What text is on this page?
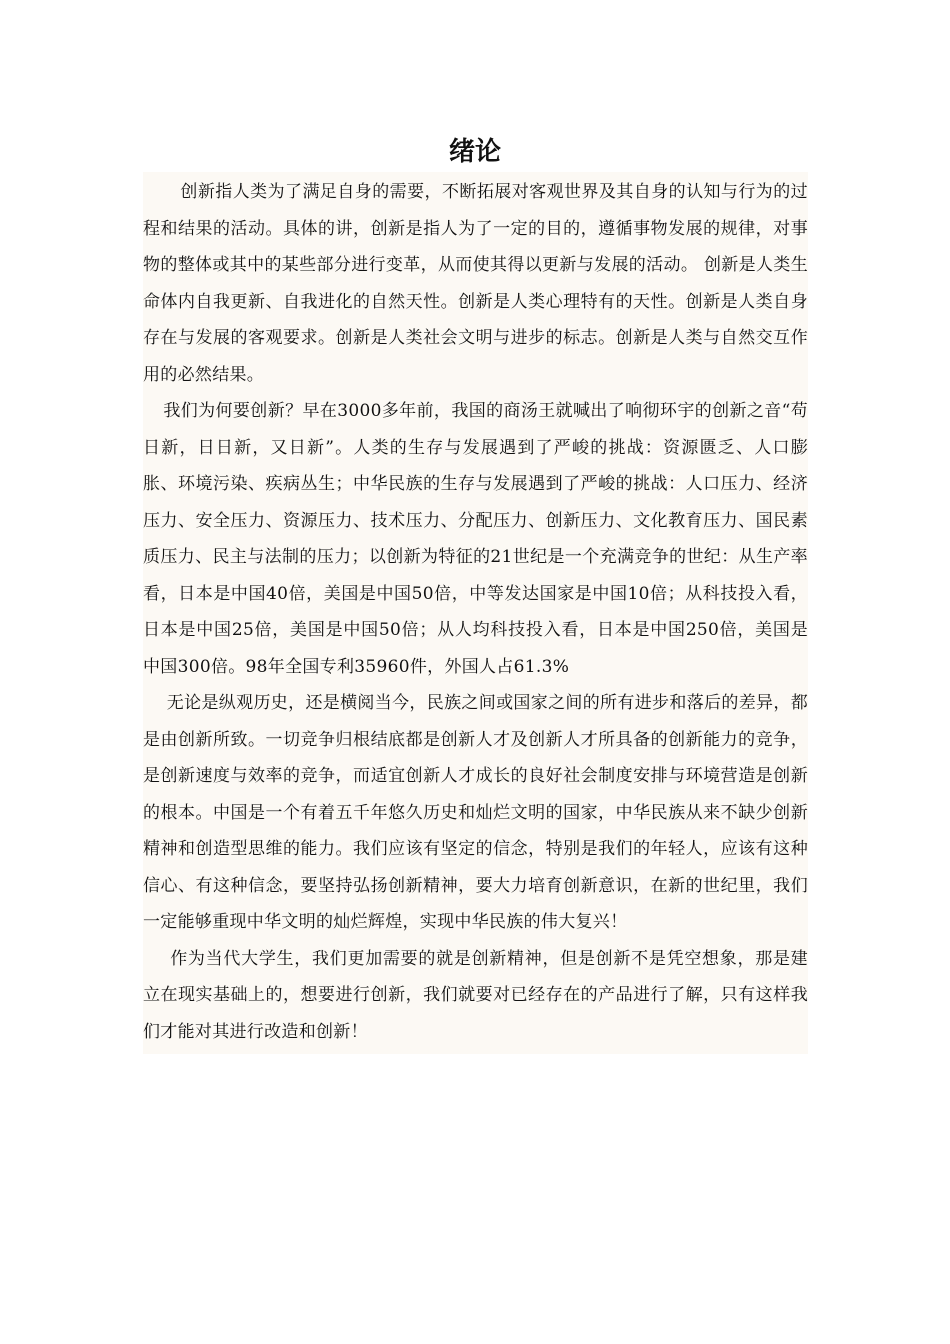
绪论

创新指人类为了满足自身的需要，不断拓展对客观世界及其自身的认知与行为的过程和结果的活动。具体的讲，创新是指人为了一定的目的，遵循事物发展的规律，对事物的整体或其中的某些部分进行变革，从而使其得以更新与发展的活动。 创新是人类生命体内自我更新、自我进化的自然天性。创新是人类心理特有的天性。创新是人类自身存在与发展的客观要求。创新是人类社会文明与进步的标志。创新是人类与自然交互作用的必然结果。

我们为何要创新？早在3000多年前，我国的商汤王就喊出了响彻环宇的创新之音“苟日新，日日新，又日新”。人类的生存与发展遇到了严峻的挑战：资源匮乏、人口膨胀、环境污染、疾病丛生；中华民族的生存与发展遇到了严峻的挑战：人口压力、经济压力、安全压力、资源压力、技术压力、分配压力、创新压力、文化教育压力、国民素质压力、民主与法制的压力；以创新为特征的21世纪是一个充满竞争的世纪：从生产率看，日本是中国40倍，美国是中国50倍，中等发达国家是中国10倍；从科技投入看，日本是中国25倍，美国是中国50倍；从人均科技投入看，日本是中国250倍，美国是中国300倍。98年全国专利35960件，外国人占61.3%

无论是纵观历史，还是横阅当今，民族之间或国家之间的所有进步和落后的差异，都是由创新所致。一切竞争归根结底都是创新人才及创新人才所具备的创新能力的竞争，是创新速度与效率的竞争，而适宜创新人才成长的良好社会制度安排与环境营造是创新的根本。中国是一个有着五千年悠久历史和灿烂文明的国家，中华民族从来不缺少创新精神和创造型思维的能力。我们应该有坚定的信念，特别是我们的年轻人，应该有这种信心、有这种信念，要坚持弘扬创新精神，要大力培育创新意识，在新的世纪里，我们一定能够重现中华文明的灿烂辉煌，实现中华民族的伟大复兴！

作为当代大学生，我们更加需要的就是创新精神，但是创新不是凭空想象，那是建立在现实基础上的，想要进行创新，我们就要对已经存在的产品进行了解，只有这样我们才能对其进行改造和创新！
